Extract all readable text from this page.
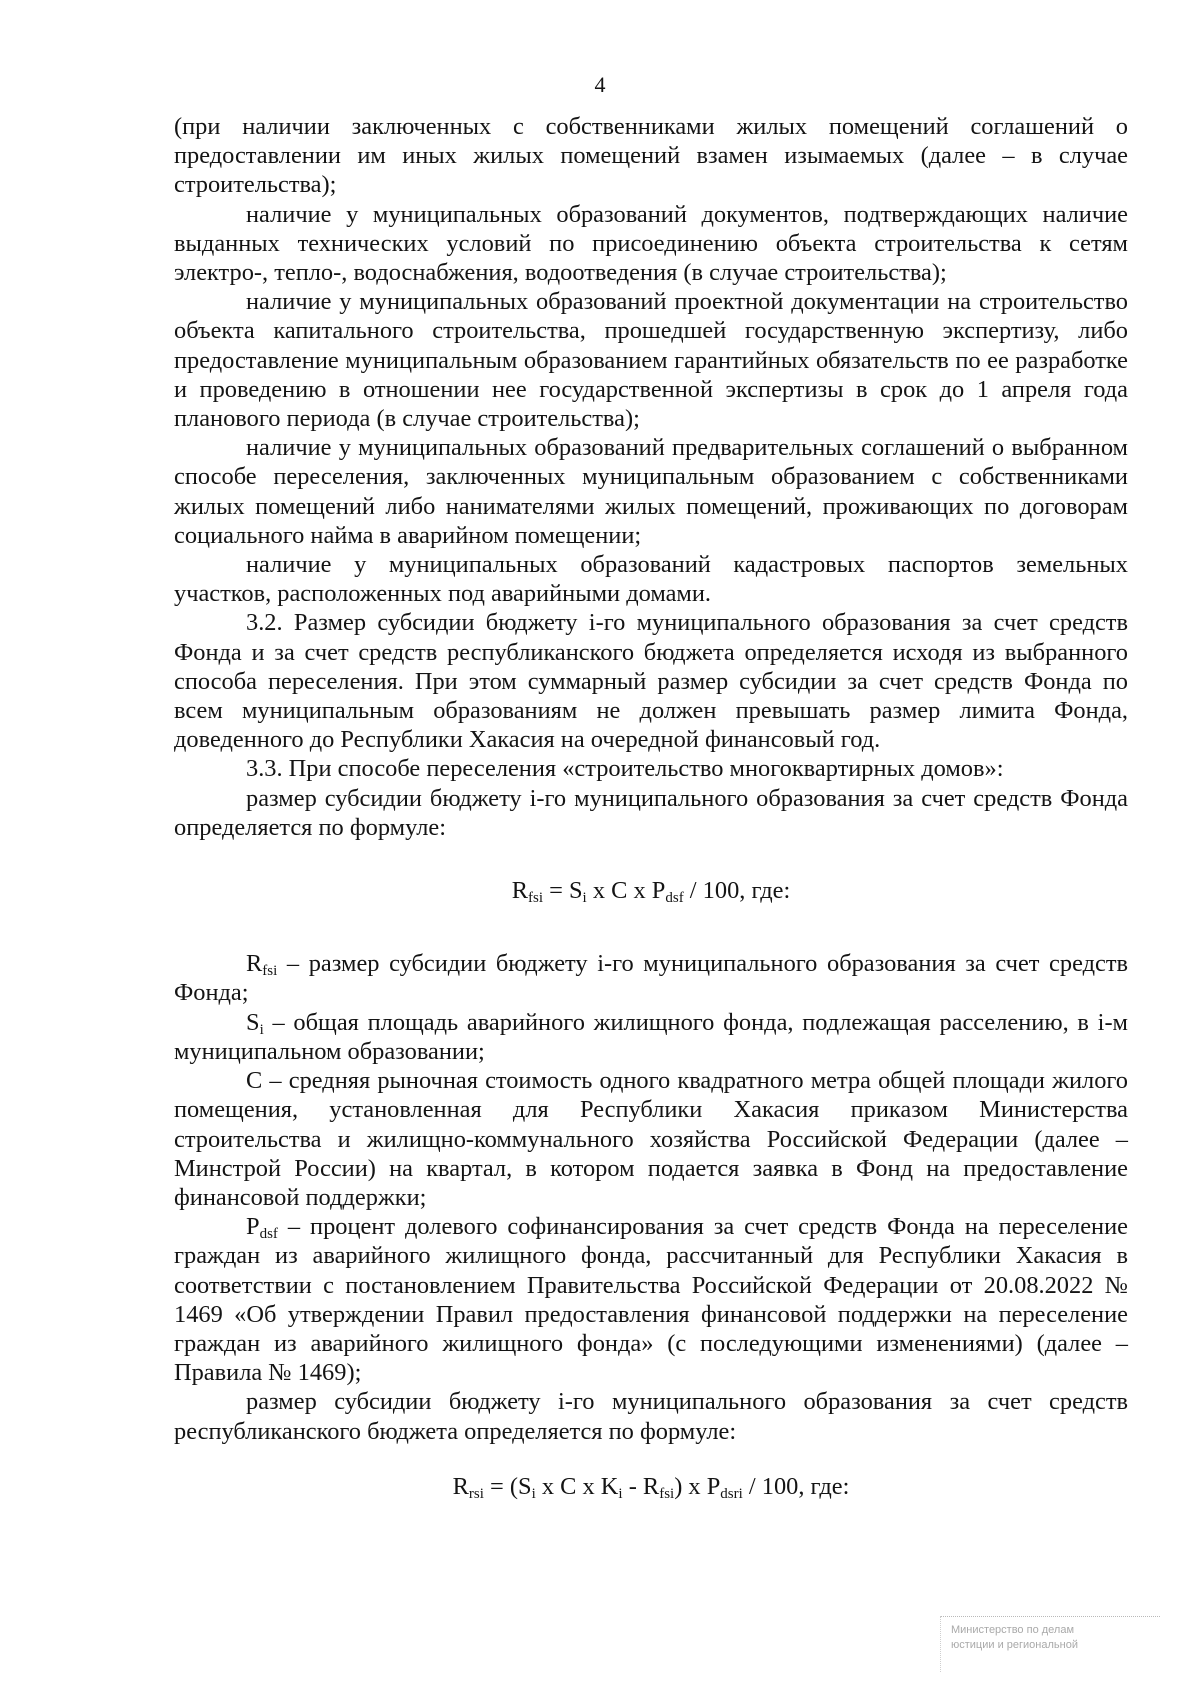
4

(при наличии заключенных с собственниками жилых помещений соглашений о предоставлении им иных жилых помещений взамен изымаемых (далее – в случае строительства);

наличие у муниципальных образований документов, подтверждающих наличие выданных технических условий по присоединению объекта строительства к сетям электро-, тепло-, водоснабжения, водоотведения (в случае строительства);

наличие у муниципальных образований проектной документации на строительство объекта капитального строительства, прошедшей государственную экспертизу, либо предоставление муниципальным образованием гарантийных обязательств по ее разработке и проведению в отношении нее государственной экспертизы в срок до 1 апреля года планового периода (в случае строительства);

наличие у муниципальных образований предварительных соглашений о выбранном способе переселения, заключенных муниципальным образованием с собственниками жилых помещений либо нанимателями жилых помещений, проживающих по договорам социального найма в аварийном помещении;

наличие у муниципальных образований кадастровых паспортов земельных участков, расположенных под аварийными домами.

3.2. Размер субсидии бюджету i-го муниципального образования за счет средств Фонда и за счет средств республиканского бюджета определяется исходя из выбранного способа переселения. При этом суммарный размер субсидии за счет средств Фонда по всем муниципальным образованиям не должен превышать размер лимита Фонда, доведенного до Республики Хакасия на очередной финансовый год.

3.3. При способе переселения «строительство многоквартирных домов»:

размер субсидии бюджету i-го муниципального образования за счет средств Фонда определяется по формуле:

$R_{fsi} = S_i$ x C x $P_{dsf} / 100$, где:

$R_{fsi}$ – размер субсидии бюджету i-го муниципального образования за счет средств Фонда;

$S_i$ – общая площадь аварийного жилищного фонда, подлежащая расселению, в i-м муниципальном образовании;

С – средняя рыночная стоимость одного квадратного метра общей площади жилого помещения, установленная для Республики Хакасия приказом Министерства строительства и жилищно-коммунального хозяйства Российской Федерации (далее – Минстрой России) на квартал, в котором подается заявка в Фонд на предоставление финансовой поддержки;

$P_{dsf}$ – процент долевого софинансирования за счет средств Фонда на переселение граждан из аварийного жилищного фонда, рассчитанный для Республики Хакасия в соответствии с постановлением Правительства Российской Федерации от 20.08.2022 № 1469 «Об утверждении Правил предоставления финансовой поддержки на переселение граждан из аварийного жилищного фонда» (с последующими изменениями) (далее – Правила № 1469);

размер субсидии бюджету i-го муниципального образования за счет средств республиканского бюджета определяется по формуле:

$R_{rsi} = (S_i$ x C x $K_i - R_{fsi}$) x $P_{dsri} / 100$, где:

Министерство по делам
юстиции и региональной
